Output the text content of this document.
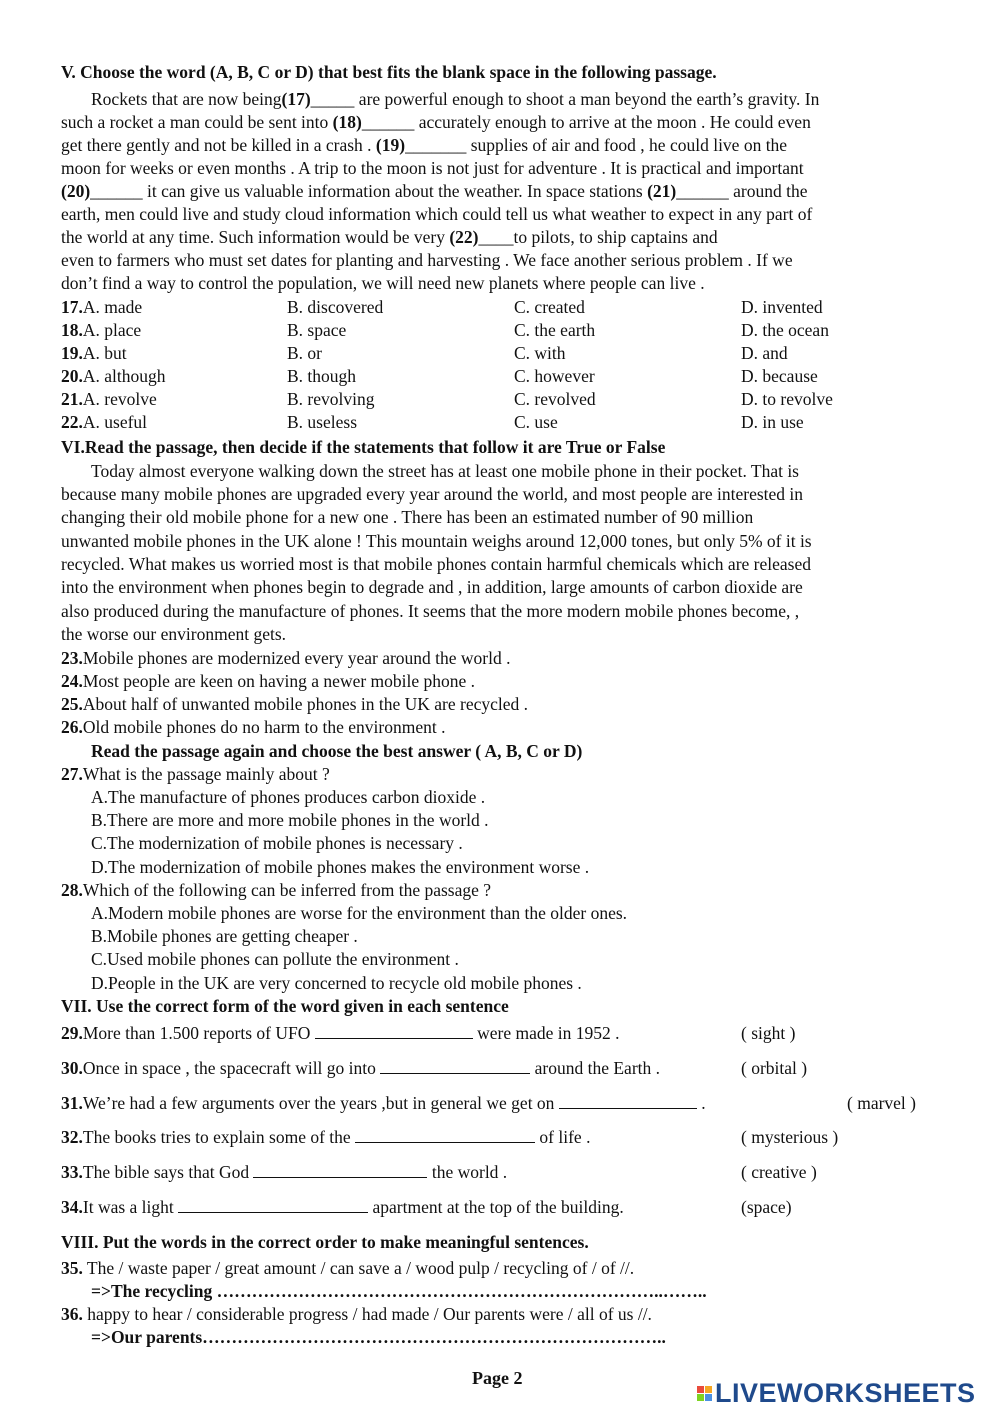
V. Choose the word (A, B, C or D) that best fits the blank space in the following passage.
Rockets that are now being(17)_____ are powerful enough to shoot a man beyond the earth’s gravity. In
such a rocket a man could be sent into (18)______ accurately enough to arrive at the moon . He could even
get there gently and not be killed in a crash . (19)_______ supplies of air and food , he could live on the
moon for weeks or even months . A trip to the moon is not just for adventure . It is practical and important
(20)______ it can give us valuable information about the weather. In space stations (21)______ around the
earth, men could live and study cloud information which could tell us what weather to expect in any part of
the world at any time. Such information would be very (22)____to pilots, to ship captains and
even to farmers who must set dates for planting and harvesting . We face another serious problem . If we
don’t find a way to control the population, we will need new planets where people can live .
17.A. made	B. discovered	C. created	D. invented
18.A. place	B. space	C. the earth	D. the ocean
19.A. but	B. or	C. with	D. and
20.A. although	B. though	C. however	D. because
21.A. revolve	B. revolving	C. revolved	D. to revolve
22.A. useful	B. useless	C. use	D. in use
VI.Read the passage, then decide if the statements that follow it are True or False
Today almost everyone walking down the street has at least one mobile phone in their pocket. That is
because many mobile phones are upgraded every year around the world, and most people are interested in
changing their old mobile phone for a new one . There has been an estimated number of 90 million
unwanted mobile phones in the UK alone ! This mountain weighs around 12,000 tones, but only 5% of it is
recycled. What makes us worried most is that mobile phones contain harmful chemicals which are released
into the environment when phones begin to degrade and , in addition, large amounts of carbon dioxide are
also produced during the manufacture of phones. It seems that the more modern mobile phones become, ,
the worse our environment gets.
23.Mobile phones are modernized every year around the world .
24.Most people are keen on having a newer mobile phone .
25.About half of unwanted mobile phones in the UK are recycled .
26.Old mobile phones do no harm to the environment .
Read the passage again and choose the best answer ( A, B, C or D)
27.What is the passage mainly about ?
A.The manufacture of phones produces carbon dioxide .
B.There are more and more mobile phones in the world .
C.The modernization of mobile phones is necessary .
D.The modernization of mobile phones makes the environment worse .
28.Which of the following can be inferred from the passage ?
A.Modern mobile phones are worse for the environment than the older ones.
B.Mobile phones are getting cheaper .
C.Used mobile phones can pollute the environment .
D.People in the UK are very concerned to recycle old mobile phones .
VII. Use the correct form of the word given in each sentence
29.More than 1.500 reports of UFO	were made in 1952 .	( sight )
30.Once in space , the spacecraft will go into	around the Earth .	( orbital )
31.We’re had a few arguments over the years ,but in general we get on	.	( marvel )
32.The books tries to explain some of the	of life .	( mysterious )
33.The bible says that God	the world .	( creative )
34.It was a light	apartment at the top of the building.	(space)
VIII. Put the words in the correct order to make meaningful sentences.
35. The / waste paper / great amount / can save a / wood pulp / recycling of / of //.
=>The recycling …………………………………………………………………..……..
36. happy to hear / considerable progress / had made / Our parents were / all of us //.
=>Our parents……………………………………………………………………..
Page 2	LIVEWORKSHEETS
